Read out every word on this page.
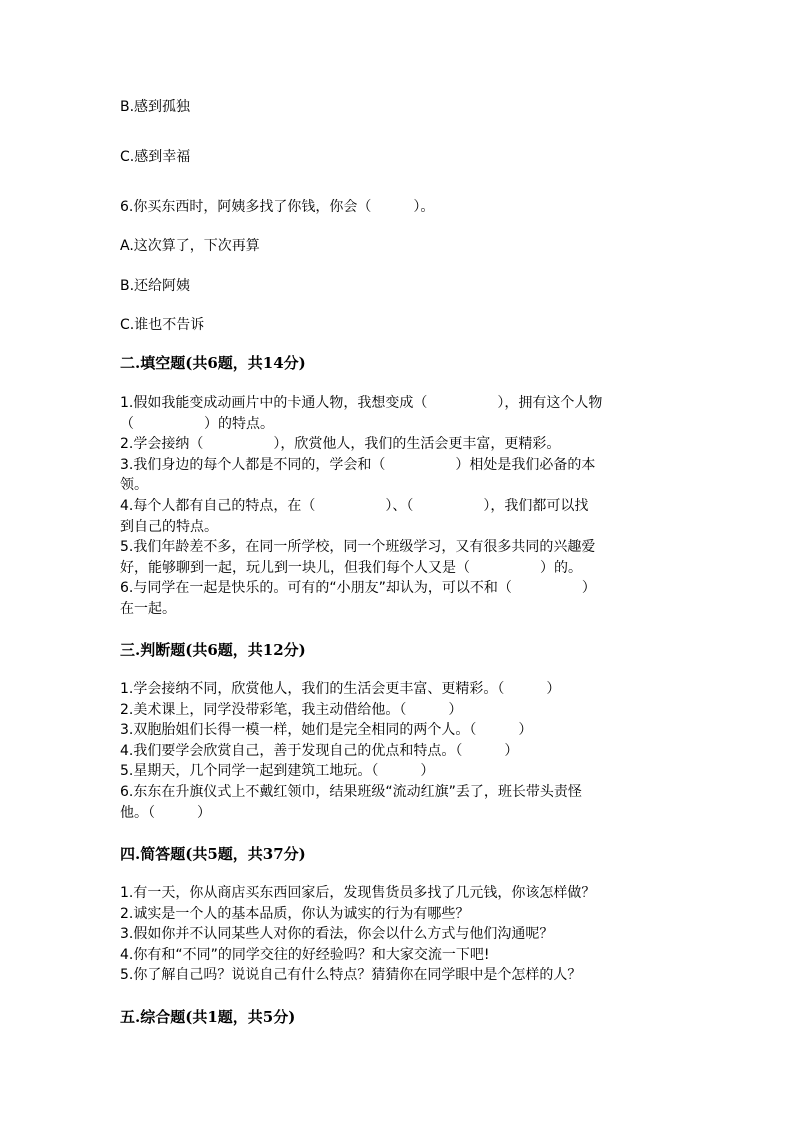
B.感到孤独
C.感到幸福
6.你买东西时，阿姨多找了你钱，你会（　　　）。
A.这次算了，下次再算
B.还给阿姨
C.谁也不告诉
二.填空题(共6题，共14分)
1.假如我能变成动画片中的卡通人物，我想变成（　　　　　），拥有这个人物
（　　　　　）的特点。
2.学会接纳（　　　　　），欣赏他人，我们的生活会更丰富，更精彩。
3.我们身边的每个人都是不同的，学会和（　　　　　）相处是我们必备的本
领。
4.每个人都有自己的特点，在（　　　　　）、（　　　　　），我们都可以找
到自己的特点。
5.我们年龄差不多，在同一所学校，同一个班级学习，又有很多共同的兴趣爱
好，能够聊到一起，玩儿到一块儿，但我们每个人又是（　　　　　）的。
6.与同学在一起是快乐的。可有的“小朋友”却认为，可以不和（　　　　　）
在一起。
三.判断题(共6题，共12分)
1.学会接纳不同，欣赏他人，我们的生活会更丰富、更精彩。（　　　）
2.美术课上，同学没带彩笔，我主动借给他。（　　　）
3.双胞胎姐们长得一模一样，她们是完全相同的两个人。（　　　）
4.我们要学会欣赏自己，善于发现自己的优点和特点。（　　　）
5.星期天，几个同学一起到建筑工地玩。（　　　）
6.东东在升旗仪式上不戴红领巾，结果班级“流动红旗”丢了，班长带头责怪
他。（　　　）
四.简答题(共5题，共37分)
1.有一天，你从商店买东西回家后，发现售货员多找了几元钱，你该怎样做？
2.诚实是一个人的基本品质，你认为诚实的行为有哪些？
3.假如你并不认同某些人对你的看法，你会以什么方式与他们沟通呢？
4.你有和“不同”的同学交往的好经验吗？和大家交流一下吧!
5.你了解自己吗？说说自己有什么特点？猜猜你在同学眼中是个怎样的人？
五.综合题(共1题，共5分)
